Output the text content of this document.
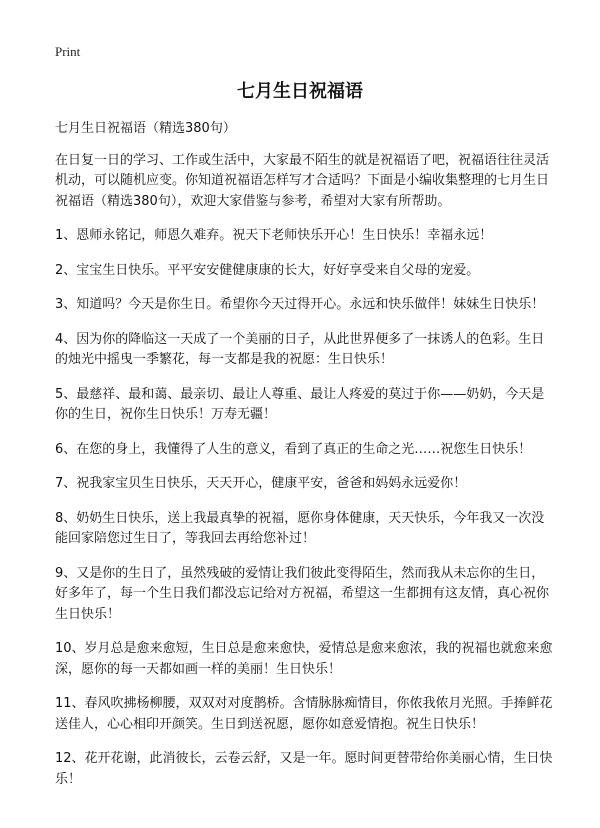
Print
七月生日祝福语

七月生日祝福语（精选380句）

在日复一日的学习、工作或生活中，大家最不陌生的就是祝福语了吧，祝福语往往灵活机动，可以随机应变。你知道祝福语怎样写才合适吗？下面是小编收集整理的七月生日祝福语（精选380句），欢迎大家借鉴与参考，希望对大家有所帮助。

1、恩师永铭记，师恩久难弃。祝天下老师快乐开心！生日快乐！幸福永远！

2、宝宝生日快乐。平平安安健健康康的长大，好好享受来自父母的宠爱。

3、知道吗？今天是你生日。希望你今天过得开心。永远和快乐做伴！妹妹生日快乐！

4、因为你的降临这一天成了一个美丽的日子，从此世界便多了一抹诱人的色彩。生日的烛光中摇曳一季繁花，每一支都是我的祝愿：生日快乐！

5、最慈祥、最和蔼、最亲切、最让人尊重、最让人疼爱的莫过于你——奶奶，今天是你的生日，祝你生日快乐！万寿无疆！

6、在您的身上，我懂得了人生的意义，看到了真正的生命之光……祝您生日快乐！

7、祝我家宝贝生日快乐，天天开心，健康平安，爸爸和妈妈永远爱你！

8、奶奶生日快乐，送上我最真挚的祝福，愿你身体健康，天天快乐，今年我又一次没能回家陪您过生日了，等我回去再给您补过！

9、又是你的生日了，虽然残破的爱情让我们彼此变得陌生，然而我从未忘你的生日，好多年了，每一个生日我们都没忘记给对方祝福，希望这一生都拥有这友情，真心祝你生日快乐！

10、岁月总是愈来愈短，生日总是愈来愈快，爱情总是愈来愈浓，我的祝福也就愈来愈深，愿你的每一天都如画一样的美丽！生日快乐！

11、春风吹拂杨柳腰，双双对对度鹊桥。含情脉脉痴情目，你侬我侬月光照。手捧鲜花送佳人，心心相印开颜笑。生日到送祝愿，愿你如意爱情抱。祝生日快乐！

12、花开花谢，此消彼长，云卷云舒，又是一年。愿时间更替带给你美丽心情，生日快乐！
